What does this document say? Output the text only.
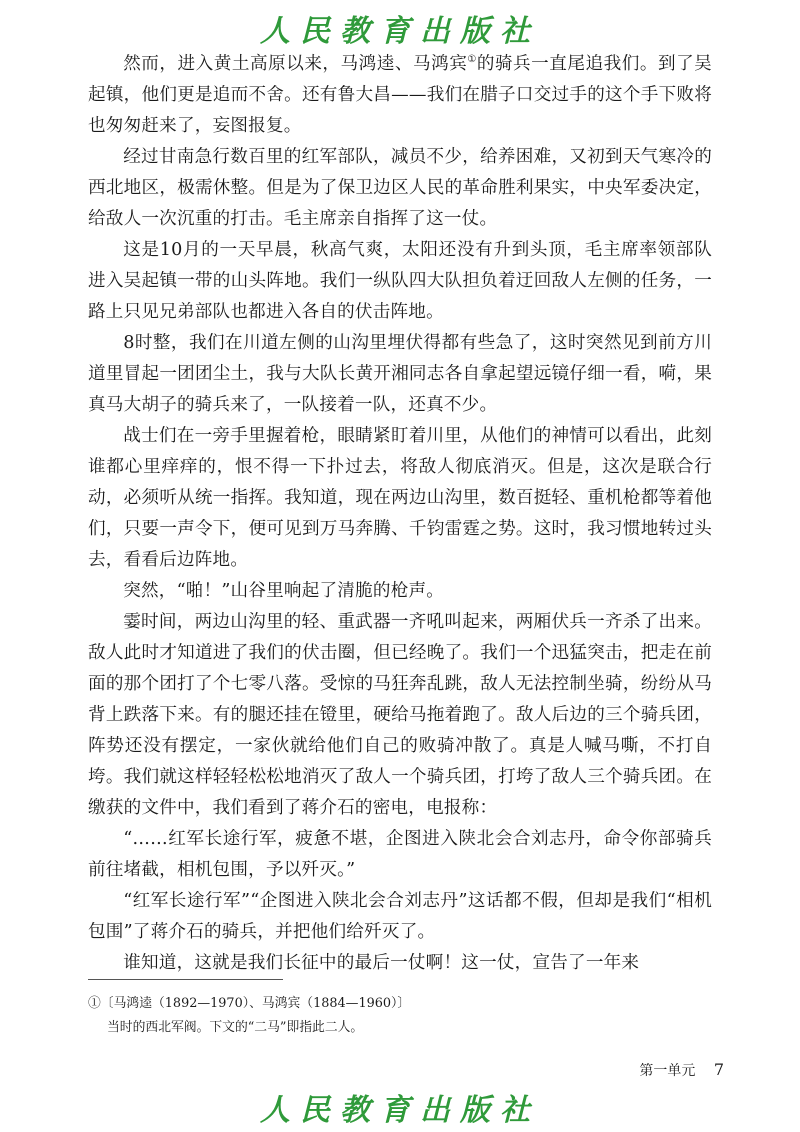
人民教育出版社

然而，进入黄土高原以来，马鸿逵、马鸿宾①的骑兵一直尾追我们。到了吴起镇，他们更是追而不舍。还有鲁大昌——我们在腊子口交过手的这个手下败将也匆匆赶来了，妄图报复。

经过甘南急行数百里的红军部队，减员不少，给养困难，又初到天气寒冷的西北地区，极需休整。但是为了保卫边区人民的革命胜利果实，中央军委决定，给敌人一次沉重的打击。毛主席亲自指挥了这一仗。

这是10月的一天早晨，秋高气爽，太阳还没有升到头顶，毛主席率领部队进入吴起镇一带的山头阵地。我们一纵队四大队担负着迂回敌人左侧的任务，一路上只见兄弟部队也都进入各自的伏击阵地。

8时整，我们在川道左侧的山沟里埋伏得都有些急了，这时突然见到前方川道里冒起一团团尘土，我与大队长黄开湘同志各自拿起望远镜仔细一看，嗬，果真马大胡子的骑兵来了，一队接着一队，还真不少。

战士们在一旁手里握着枪，眼睛紧盯着川里，从他们的神情可以看出，此刻谁都心里痒痒的，恨不得一下扑过去，将敌人彻底消灭。但是，这次是联合行动，必须听从统一指挥。我知道，现在两边山沟里，数百挺轻、重机枪都等着他们，只要一声令下，便可见到万马奔腾、千钧雷霆之势。这时，我习惯地转过头去，看看后边阵地。

突然，“啪！”山谷里响起了清脆的枪声。

霎时间，两边山沟里的轻、重武器一齐吼叫起来，两厢伏兵一齐杀了出来。敌人此时才知道进了我们的伏击圈，但已经晚了。我们一个迅猛突击，把走在前面的那个团打了个七零八落。受惊的马狂奔乱跳，敌人无法控制坐骑，纷纷从马背上跌落下来。有的腿还挂在镫里，硬给马拖着跑了。敌人后边的三个骑兵团，阵势还没有摆定，一家伙就给他们自己的败骑冲散了。真是人喊马嘶，不打自垮。我们就这样轻轻松松地消灭了敌人一个骑兵团，打垮了敌人三个骑兵团。在缴获的文件中，我们看到了蒋介石的密电，电报称：

“……红军长途行军，疲惫不堪，企图进入陕北会合刘志丹，命令你部骑兵前往堵截，相机包围，予以歼灭。”

“红军长途行军”“企图进入陕北会合刘志丹”这话都不假，但却是我们“相机包围”了蒋介石的骑兵，并把他们给歼灭了。

谁知道，这就是我们长征中的最后一仗啊！这一仗，宣告了一年来

①〔马鸿逵（1892—1970）、马鸿宾（1884—1960）〕
当时的西北军阀。下文的“二马”即指此二人。
第一单元 7
人民教育出版社
